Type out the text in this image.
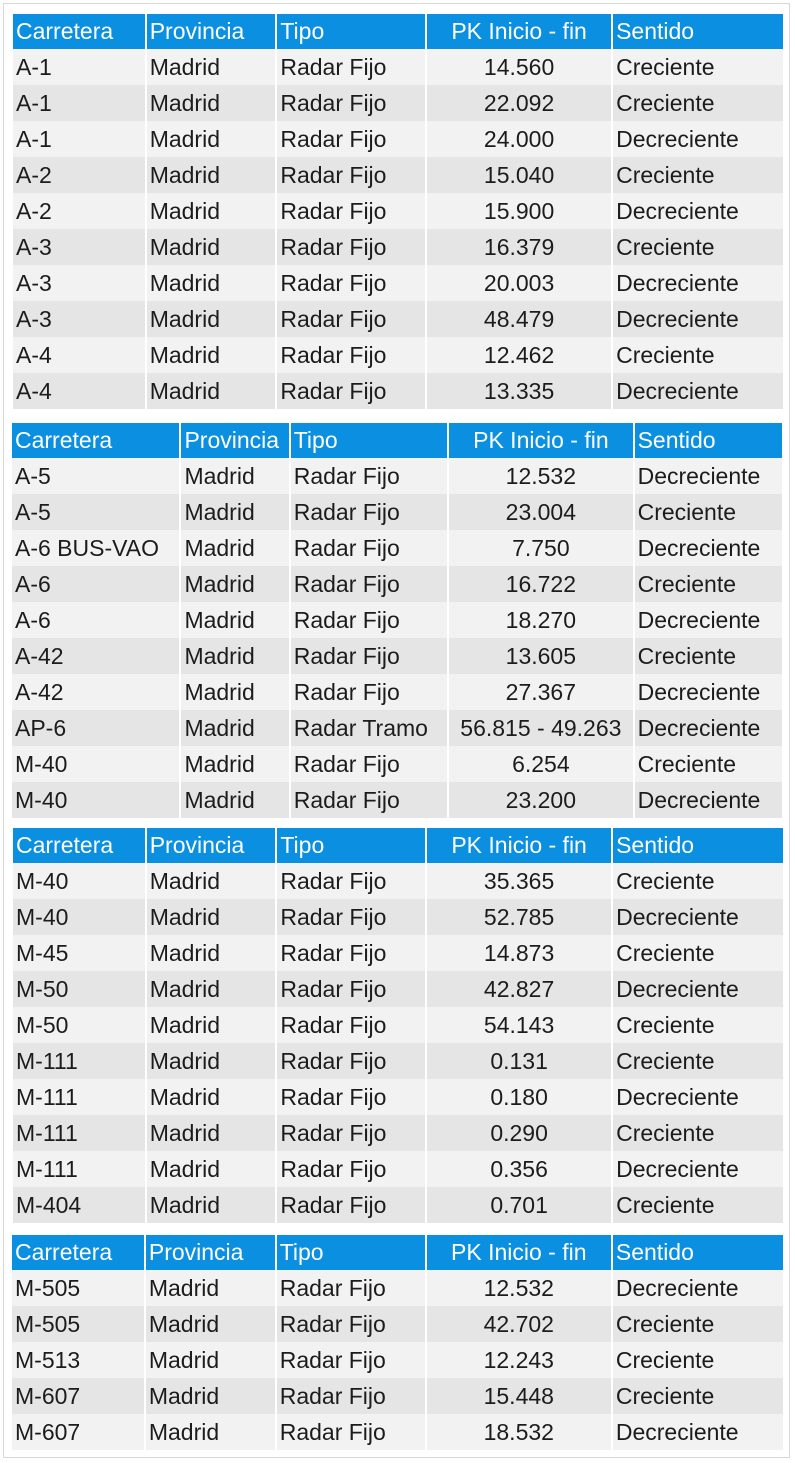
Carretera	Provincia	Tipo	PK Inicio - fin	Sentido
A-1	Madrid	Radar Fijo	14.560	Creciente
A-1	Madrid	Radar Fijo	22.092	Creciente
A-1	Madrid	Radar Fijo	24.000	Decreciente
A-2	Madrid	Radar Fijo	15.040	Creciente
A-2	Madrid	Radar Fijo	15.900	Decreciente
A-3	Madrid	Radar Fijo	16.379	Creciente
A-3	Madrid	Radar Fijo	20.003	Decreciente
A-3	Madrid	Radar Fijo	48.479	Decreciente
A-4	Madrid	Radar Fijo	12.462	Creciente
A-4	Madrid	Radar Fijo	13.335	Decreciente
Carretera	Provincia	Tipo	PK Inicio - fin	Sentido
A-5	Madrid	Radar Fijo	12.532	Decreciente
A-5	Madrid	Radar Fijo	23.004	Creciente
A-6 BUS-VAO	Madrid	Radar Fijo	7.750	Decreciente
A-6	Madrid	Radar Fijo	16.722	Creciente
A-6	Madrid	Radar Fijo	18.270	Decreciente
A-42	Madrid	Radar Fijo	13.605	Creciente
A-42	Madrid	Radar Fijo	27.367	Decreciente
AP-6	Madrid	Radar Tramo	56.815 - 49.263	Decreciente
M-40	Madrid	Radar Fijo	6.254	Creciente
M-40	Madrid	Radar Fijo	23.200	Decreciente
Carretera	Provincia	Tipo	PK Inicio - fin	Sentido
M-40	Madrid	Radar Fijo	35.365	Creciente
M-40	Madrid	Radar Fijo	52.785	Decreciente
M-45	Madrid	Radar Fijo	14.873	Creciente
M-50	Madrid	Radar Fijo	42.827	Decreciente
M-50	Madrid	Radar Fijo	54.143	Creciente
M-111	Madrid	Radar Fijo	0.131	Creciente
M-111	Madrid	Radar Fijo	0.180	Decreciente
M-111	Madrid	Radar Fijo	0.290	Creciente
M-111	Madrid	Radar Fijo	0.356	Decreciente
M-404	Madrid	Radar Fijo	0.701	Creciente
Carretera	Provincia	Tipo	PK Inicio - fin	Sentido
M-505	Madrid	Radar Fijo	12.532	Decreciente
M-505	Madrid	Radar Fijo	42.702	Creciente
M-513	Madrid	Radar Fijo	12.243	Creciente
M-607	Madrid	Radar Fijo	15.448	Creciente
M-607	Madrid	Radar Fijo	18.532	Decreciente
